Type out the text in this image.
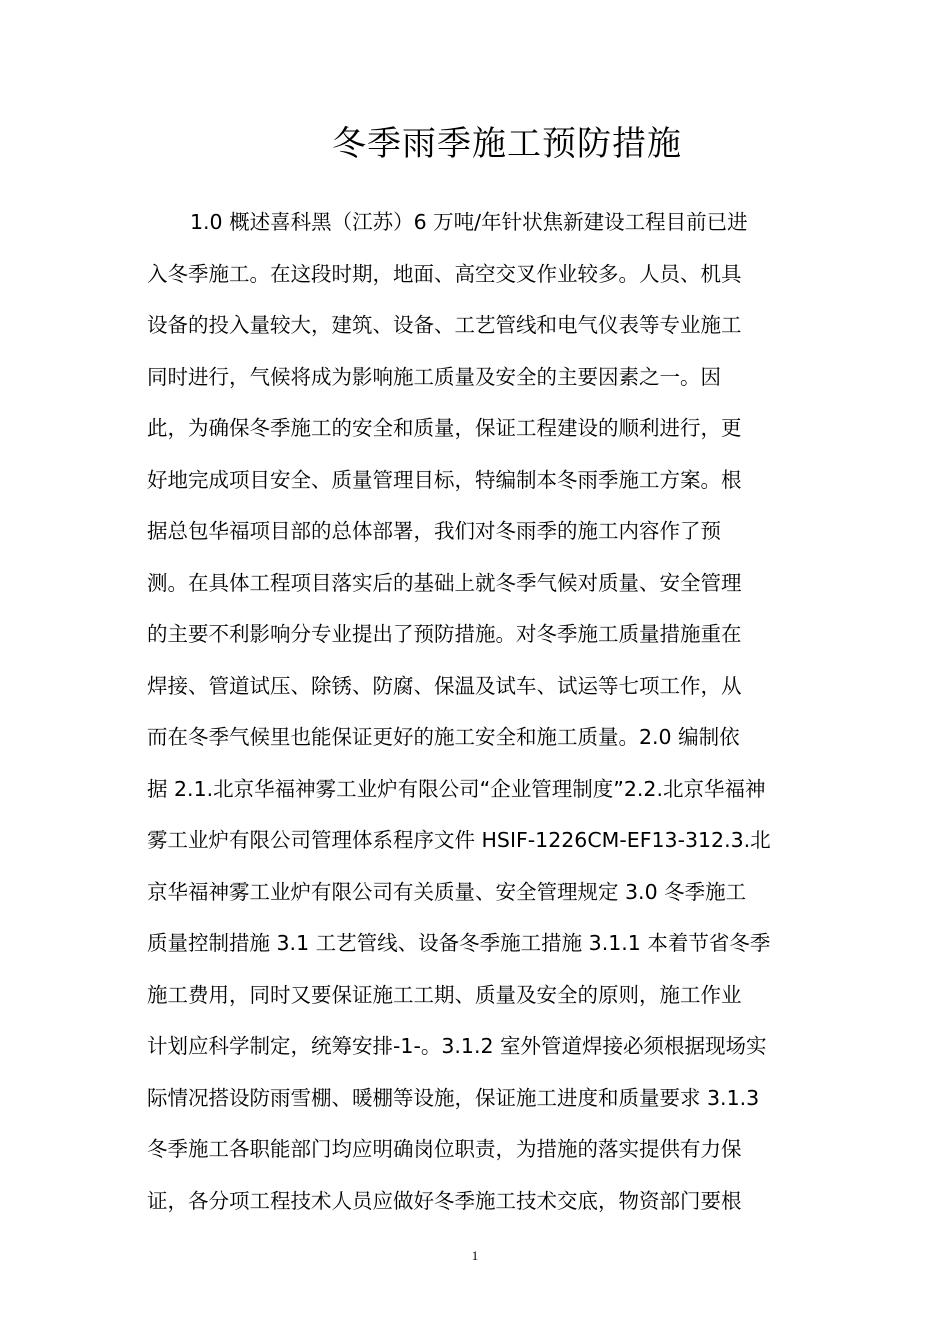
冬季雨季施工预防措施
1.0 概述喜科黑（江苏）6 万吨/年针状焦新建设工程目前已进
入冬季施工。在这段时期，地面、高空交叉作业较多。人员、机具
设备的投入量较大，建筑、设备、工艺管线和电气仪表等专业施工
同时进行，气候将成为影响施工质量及安全的主要因素之一。因
此，为确保冬季施工的安全和质量，保证工程建设的顺利进行，更
好地完成项目安全、质量管理目标，特编制本冬雨季施工方案。根
据总包华福项目部的总体部署，我们对冬雨季的施工内容作了预
测。在具体工程项目落实后的基础上就冬季气候对质量、安全管理
的主要不利影响分专业提出了预防措施。对冬季施工质量措施重在
焊接、管道试压、除锈、防腐、保温及试车、试运等七项工作，从
而在冬季气候里也能保证更好的施工安全和施工质量。2.0 编制依
据 2.1.北京华福神雾工业炉有限公司“企业管理制度”2.2.北京华福神
雾工业炉有限公司管理体系程序文件 HSIF-1226CM-EF13-312.3.北
京华福神雾工业炉有限公司有关质量、安全管理规定 3.0 冬季施工
质量控制措施 3.1 工艺管线、设备冬季施工措施 3.1.1 本着节省冬季
施工费用，同时又要保证施工工期、质量及安全的原则，施工作业
计划应科学制定，统筹安排-1-。3.1.2 室外管道焊接必须根据现场实
际情况搭设防雨雪棚、暖棚等设施，保证施工进度和质量要求 3.1.3
冬季施工各职能部门均应明确岗位职责，为措施的落实提供有力保
证，各分项工程技术人员应做好冬季施工技术交底，物资部门要根
1
